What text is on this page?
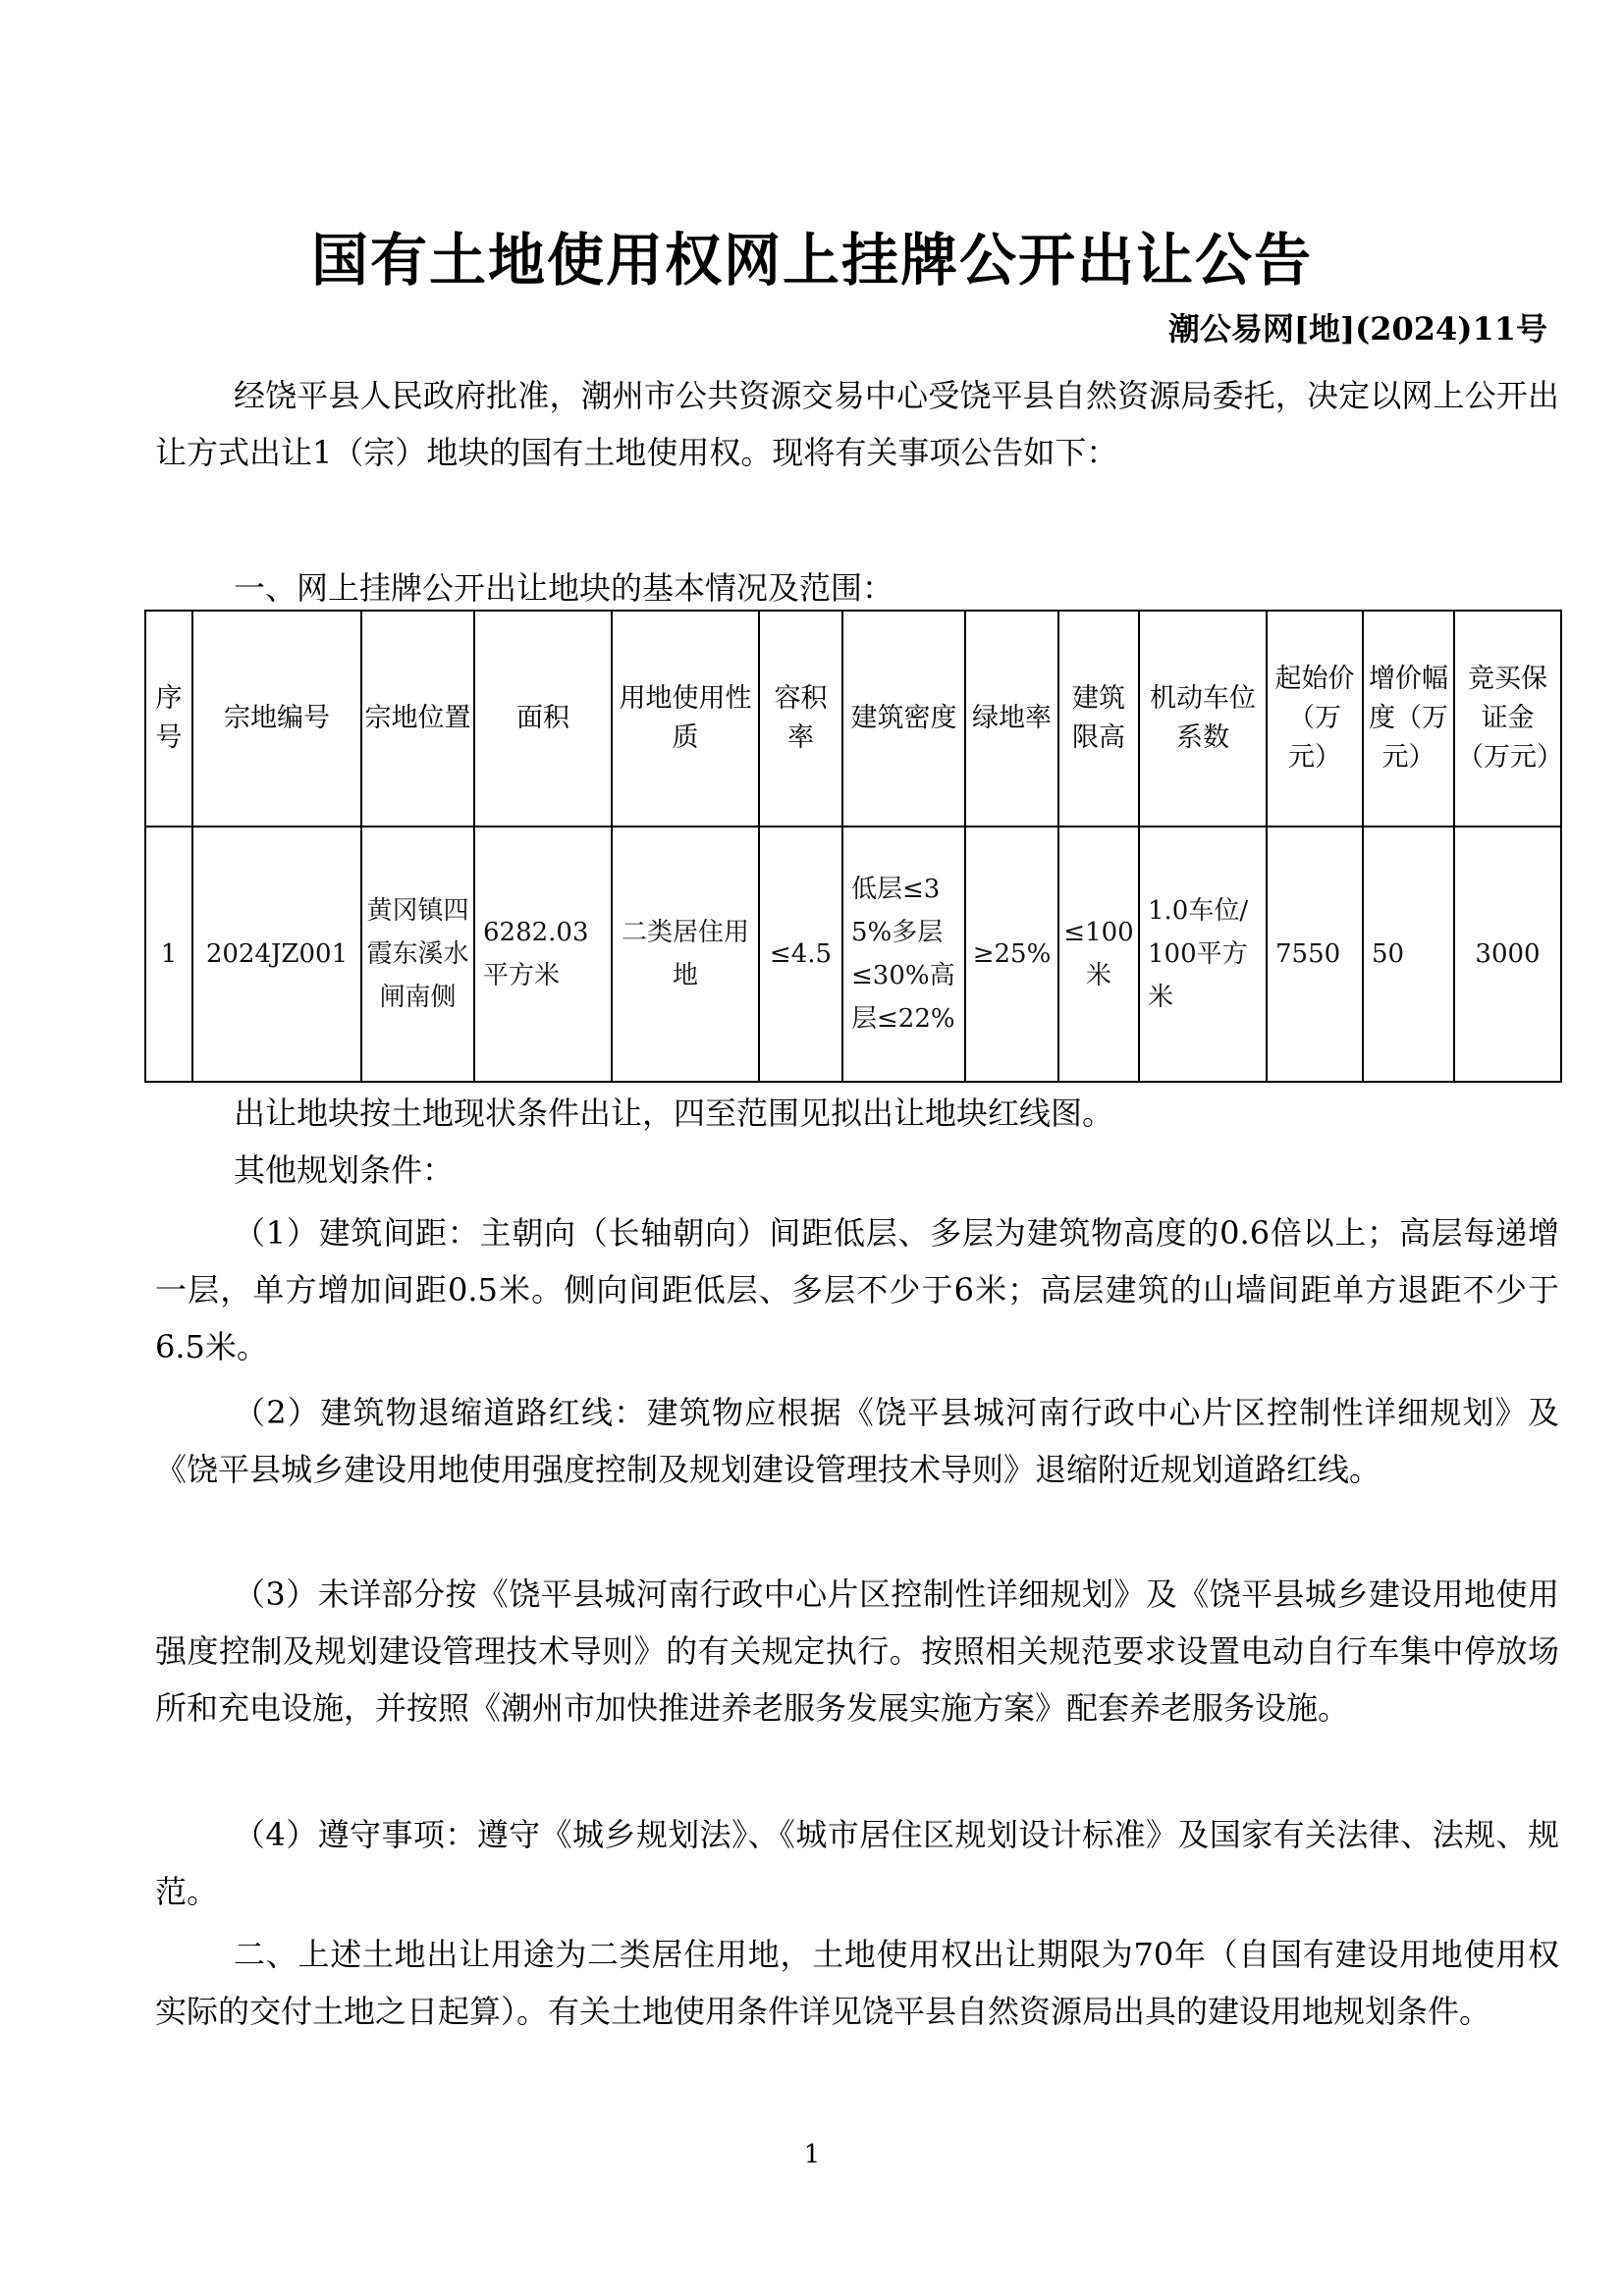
国有土地使用权网上挂牌公开出让公告
潮公易网[地](2024)11号
经饶平县人民政府批准，潮州市公共资源交易中心受饶平县自然资源局委托，决定以网上公开出让方式出让1（宗）地块的国有土地使用权。现将有关事项公告如下：
一、网上挂牌公开出让地块的基本情况及范围：
序号	宗地编号	宗地位置	面积	用地使用性质	容积率	建筑密度	绿地率	建筑限高	机动车位系数	起始价（万元）	增价幅度（万元）	竞买保证金（万元）
1	2024JZ001	黄冈镇四霞东溪水闸南侧	6282.03平方米	二类居住用地	≤4.5	低层≤35%多层≤30%高层≤22%	≥25%	≤100米	1.0车位/100平方米	7550	50	3000
出让地块按土地现状条件出让，四至范围见拟出让地块红线图。
其他规划条件：
（1）建筑间距：主朝向（长轴朝向）间距低层、多层为建筑物高度的0.6倍以上；高层每递增一层，单方增加间距0.5米。侧向间距低层、多层不少于6米；高层建筑的山墙间距单方退距不少于6.5米。
（2）建筑物退缩道路红线：建筑物应根据《饶平县城河南行政中心片区控制性详细规划》及《饶平县城乡建设用地使用强度控制及规划建设管理技术导则》退缩附近规划道路红线。
（3）未详部分按《饶平县城河南行政中心片区控制性详细规划》及《饶平县城乡建设用地使用强度控制及规划建设管理技术导则》的有关规定执行。按照相关规范要求设置电动自行车集中停放场所和充电设施，并按照《潮州市加快推进养老服务发展实施方案》配套养老服务设施。
（4）遵守事项：遵守《城乡规划法》、《城市居住区规划设计标准》及国家有关法律、法规、规范。
二、上述土地出让用途为二类居住用地，土地使用权出让期限为70年（自国有建设用地使用权实际的交付土地之日起算）。有关土地使用条件详见饶平县自然资源局出具的建设用地规划条件。
1
